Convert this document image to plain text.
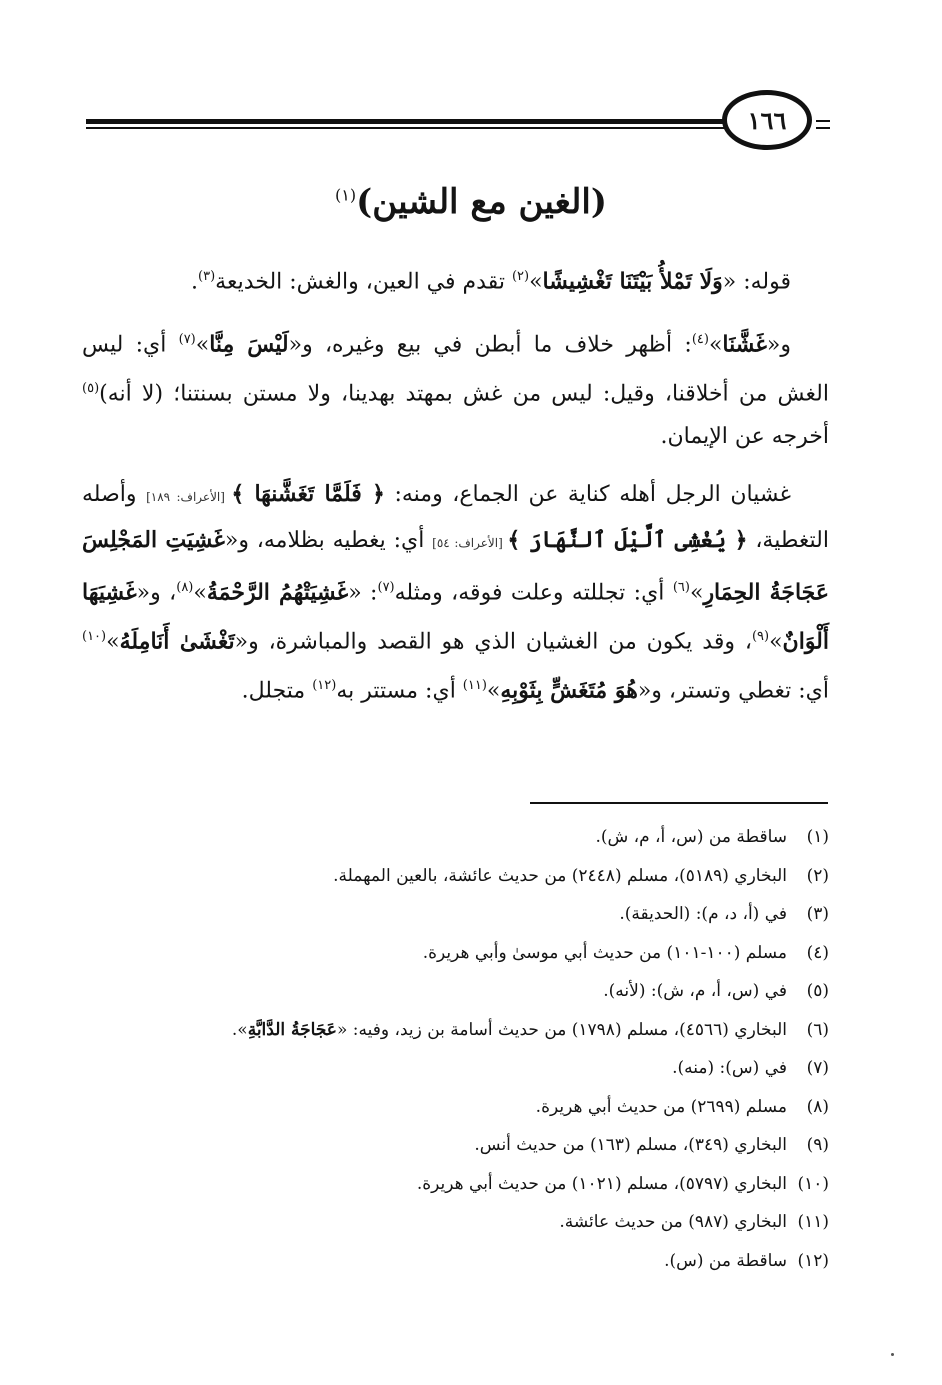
١٦٦
(الغين مع الشين)$^{(١)}$

قوله: «وَلَا تَمْلأُ بَيْتَنَا تَغْشِيشًا»$^{(٢)}$ تقدم في العين، والغش: الخديعة$^{(٣)}$.

و«غَشَّنَا»$^{(٤)}$: أظهر خلاف ما أبطن في بيع وغيره، و«لَيْسَ مِنَّا»$^{(٧)}$ أي: ليس الغش من أخلاقنا، وقيل: ليس من غش بمهتد بهدينا، ولا مستن بسنتنا؛ (لا أنه)$^{(٥)}$ أخرجه عن الإيمان.

غشيان الرجل أهله كناية عن الجماع، ومنه: ﴿ فَلَمَّا تَغَشَّنهَا ﴾ [الأعراف: ١٨٩] وأصله التغطية، ﴿ يُغْشِى ٱلَّيْلَ ٱلنَّهَارَ ﴾ [الأعراف: ٥٤] أي: يغطيه بظلامه، و«غَشِيَتِ المَجْلِسَ عَجَاجَةُ الحِمَارِ»$^{(٦)}$ أي: تجللته وعلت فوقه، ومثله$^{(٧)}$: «غَشِيَتْهُمُ الرَّحْمَةُ»$^{(٨)}$، و«غَشِيَهَا أَلْوَانٌ»$^{(٩)}$، وقد يكون من الغشيان الذي هو القصد والمباشرة، و«تَغْشَىٰ أَنَامِلَهُ»$^{(١٠)}$ أي: تغطي وتستر، و«هُوَ مُتَغَشٍّ بِثَوْبِهِ»$^{(١١)}$ أي: مستتر به$^{(١٢)}$ متجلل.

(١)ساقطة من (س، أ، م، ش).
(٢)البخاري (٥١٨٩)، مسلم (٢٤٤٨) من حديث عائشة، بالعين المهملة.
(٣)في (أ، د، م): (الحديقة).
(٤)مسلم (١٠٠-١٠١) من حديث أبي موسىٰ وأبي هريرة.
(٥)في (س، أ، م، ش): (لأنه).
(٦)البخاري (٤٥٦٦)، مسلم (١٧٩٨) من حديث أسامة بن زيد، وفيه: «عَجَاجَةُ الدَّابَّةِ».
(٧)في (س): (منه).
(٨)مسلم (٢٦٩٩) من حديث أبي هريرة.
(٩)البخاري (٣٤٩)، مسلم (١٦٣) من حديث أنس.
(١٠)البخاري (٥٧٩٧)، مسلم (١٠٢١) من حديث أبي هريرة.
(١١)البخاري (٩٨٧) من حديث عائشة.
(١٢)ساقطة من (س).
